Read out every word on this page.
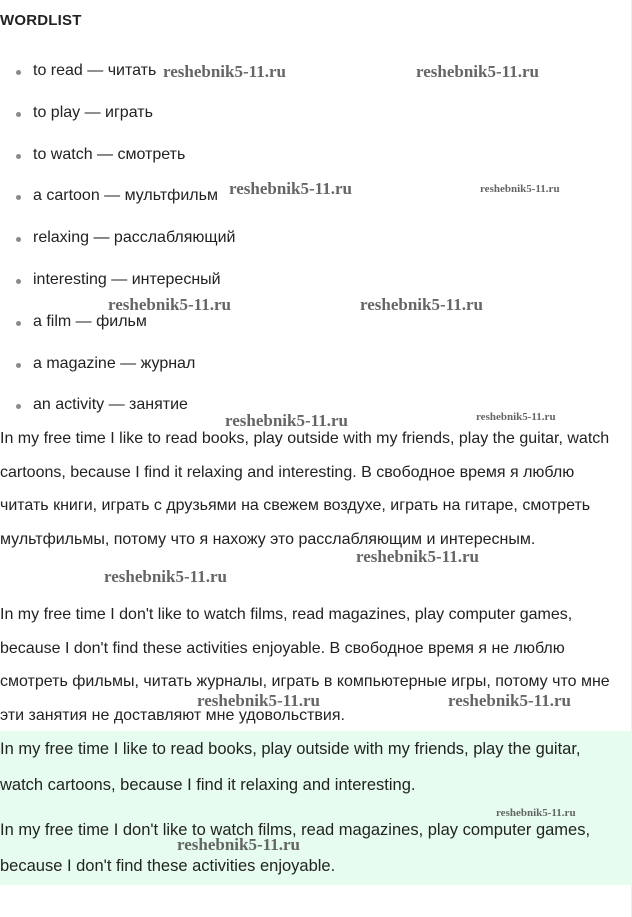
WORDLIST
to read — читать
to play — играть
to watch — смотреть
a cartoon — мультфильм
relaxing — расслабляющий
interesting — интересный
a film — фильм
a magazine — журнал
an activity — занятие

In my free time I like to read books, play outside with my friends, play the guitar, watch cartoons, because I find it relaxing and interesting. В свободное время я люблю читать книги, играть с друзьями на свежем воздухе, играть на гитаре, смотреть мультфильмы, потому что я нахожу это расслабляющим и интересным.

In my free time I don't like to watch films, read magazines, play computer games, because I don't find these activities enjoyable. В свободное время я не люблю смотреть фильмы, читать журналы, играть в компьютерные игры, потому что мне эти занятия не доставляют мне удовольствия.

In my free time I like to read books, play outside with my friends, play the guitar, watch cartoons, because I find it relaxing and interesting.

In my free time I don't like to watch films, read magazines, play computer games, because I don't find these activities enjoyable.

reshebnik5-11.ru	reshebnik5-11.ru
reshebnik5-11.ru	reshebnik5-11.ru
reshebnik5-11.ru	reshebnik5-11.ru
reshebnik5-11.ru	reshebnik5-11.ru
reshebnik5-11.ru
reshebnik5-11.ru
reshebnik5-11.ru	reshebnik5-11.ru
reshebnik5-11.ru
reshebnik5-11.ru
